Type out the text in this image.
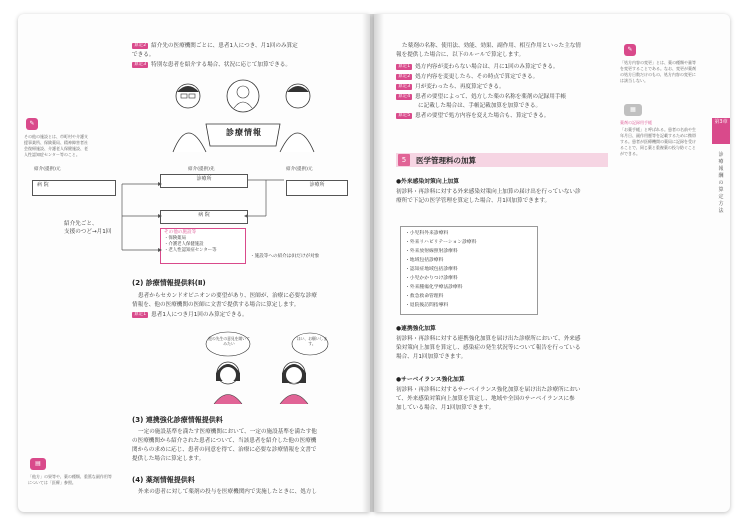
算定2 紹介先の医療機関ごとに、患者1人につき、月1回のみ算定
できる。
算定3 特別な患者を紹介する場合、状況に応じて加算できる。
診療情報
✎
その他の施設とは、市町村や介護支援事業所、保険薬局、精神障害者社会復帰施設、介護老人保健施設、老人性認知症センター等のこと。
紹介(提供)元	紹介(提供)先	紹介(提供)元
病 院	診療所
診療所
病 院
その他の施設等
・保険薬局
・介護老人保健施設
・老人性認知症センター等
紹介先ごと、
支援のつど→月1回
・施設等への紹介は(Ⅰ)だけが対象
(2) 診療情報提供料(Ⅱ)
患者からセカンドオピニオンの要望があり、医師が、治療に必要な診療
情報を、他の医療機関の医師に文書で提供する場合に算定します。
算定1 患者1人につき月1回のみ算定できる。
他の先生の意見を聞いてみたい
ほい、お願いします。
(3) 連携強化診療情報提供料
一定の施設基準を満たす医療機関において、一定の施設基準を満たす他
の医療機関から紹介された患者について、当該患者を紹介した他の医療機
関からの求めに応じ、患者の同意を得て、治療に必要な診療情報を文書で
提供した場合に算定します。
▤
「他方」の果等や、薬の種類、重篤な副作用等については「医療」参照。	(4) 薬剤情報提供料
外来の患者に対して薬剤の投与を医療機関内で実施したときに、処方し
た薬剤の名称、使用法、効能、効果、副作用、相互作用といった主な情
報を提供した場合に、以下のルールで算定します。
算定1 処方内容が変わらない場合は、月に1回のみ算定できる。
算定2 処方内容を変更したら、その時点で算定できる。
算定3 月が変わったら、再度算定できる。
算定4 患者の要望によって、処方した薬の名称を薬剤の記録用手帳
に記載した場合は、手帳記載加算を加算できる。
算定5 患者の要望で処方内容を変えた場合も、算定できる。
5	医学管理料の加算
●外来感染対策向上加算
初診料・再診料に対する外来感染対策向上加算の届け出を行っていない診
療所で下記の医学管理を算定した場合、月1回加算できます。
・小児科外来診療料
・外来リハビリテーション診療料
・外来放射線照射診療料
・地域包括診療料
・認知症地域包括診療料
・小児かかりつけ診療料
・外来腫瘍化学療法診療料
・救急救命管理料
・退院後訪問指導料
●連携強化加算
初診料・再診料に対する連携強化加算を届け出た診療所において、外来感
染対策向上加算を算定し、感染症の発生状況等について報告を行っている
場合、月1回加算できます。
●サーベイランス強化加算
初診料・再診料に対するサーベイランス強化加算を届け出た診療所におい
て、外来感染対策向上加算を算定し、地域や全国のサーベイランスに参
加している場合、月1回加算できます。
✎
「処方内容の変更」とは、薬の種類や量等を変更することである。なお、変更が薬剤の処方日数だけのもの、処方内容の変更には該当しない。
▦
薬剤の記録用手帳
「お薬手帳」と呼ばれる。患者の名前や生年月日、副作用歴等を記載するために携帯する。患者が医療機関の薬局に記録を受けることで、同じ薬と重複薬の投与防ぐことができる。
第3章
診療報酬の算定方法
